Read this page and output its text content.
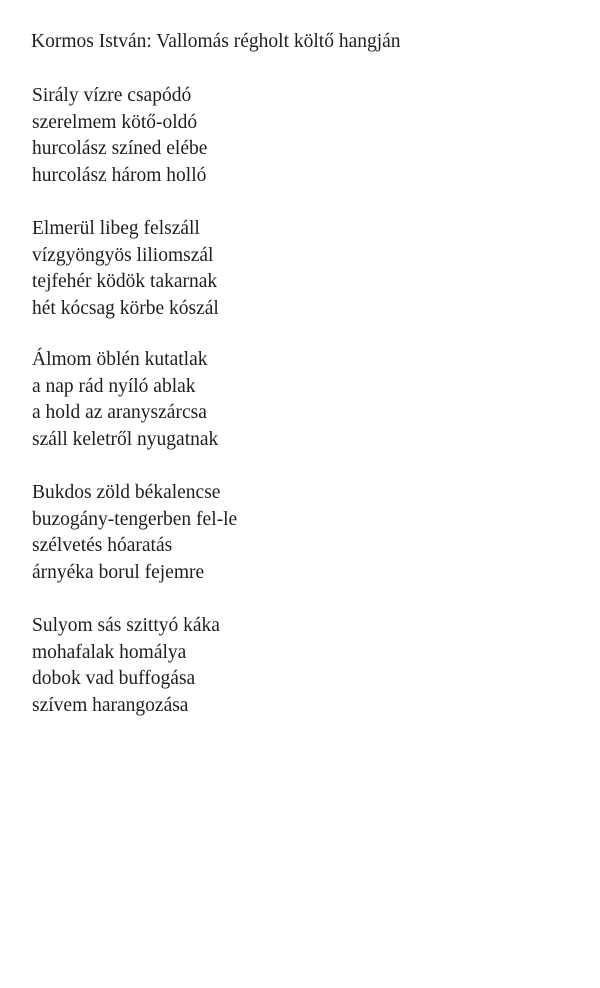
Kormos István: Vallomás régholt költő hangján
Sirály vízre csapódó
szerelmem kötő-oldó
hurcolász színed elébe
hurcolász három holló
Elmerül libeg felszáll
vízgyöngyös liliomszál
tejfehér ködök takarnak
hét kócsag körbe kószál
Álmom öblén kutatlak
a nap rád nyíló ablak
a hold az aranyszárcsa
száll keletről nyugatnak
Bukdos zöld békalencse
buzogány-tengerben fel-le
szélvetés hóaratás
árnyéka borul fejemre
Sulyom sás szittyó káka
mohafalak homálya
dobok vad buffogása
szívem harangozása
